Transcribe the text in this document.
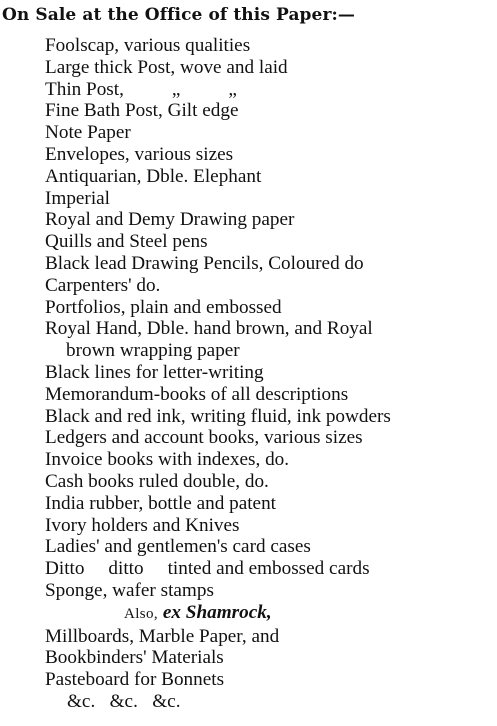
On Sale at the Office of this Paper:—
Foolscap, various qualities
Large thick Post, wove and laid
Thin Post,          „          „
Fine Bath Post, Gilt edge
Note Paper
Envelopes, various sizes
Antiquarian, Dble. Elephant
Imperial
Royal and Demy Drawing paper
Quills and Steel pens
Black lead Drawing Pencils, Coloured do
Carpenters' do.
Portfolios, plain and embossed
Royal Hand, Dble. hand brown, and Royal
brown wrapping paper
Black lines for letter-writing
Memorandum-books of all descriptions
Black and red ink, writing fluid, ink powders
Ledgers and account books, various sizes
Invoice books with indexes, do.
Cash books ruled double, do.
India rubber, bottle and patent
Ivory holders and Knives
Ladies' and gentlemen's card cases
Ditto     ditto     tinted and embossed cards
Sponge, wafer stamps
Also, ex Shamrock,
Millboards, Marble Paper, and
Bookbinders' Materials
Pasteboard for Bonnets
&c.   &c.   &c.
